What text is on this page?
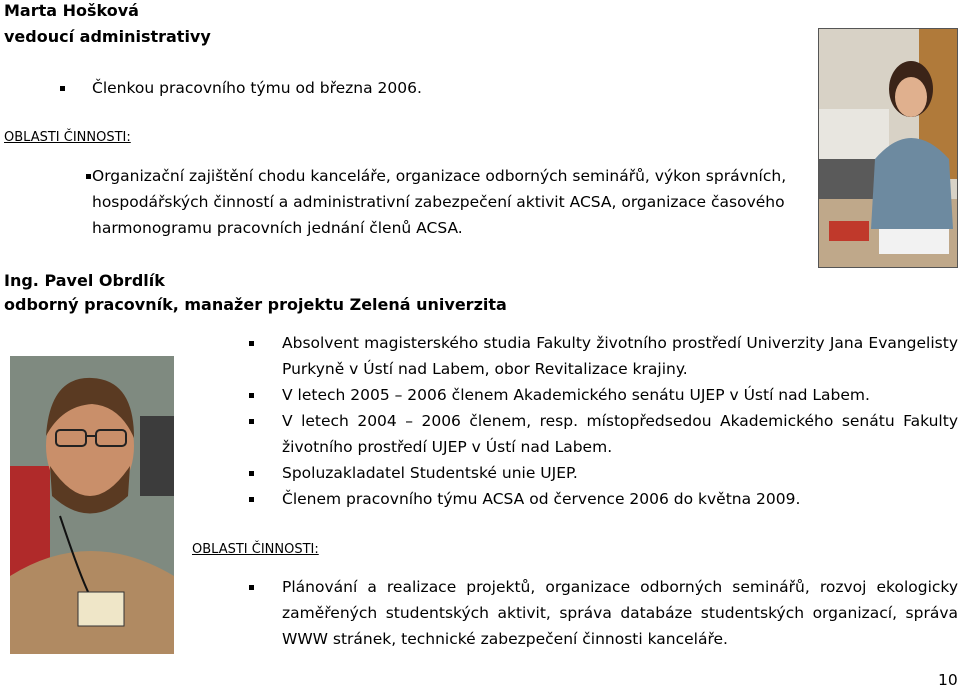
Marta Hošková
vedoucí administrativy
Členkou pracovního týmu od března 2006.
OBLASTI ČINNOSTI:
Organizační zajištění chodu kanceláře, organizace odborných seminářů, výkon správních, hospodářských činností a administrativní zabezpečení aktivit ACSA, organizace časového harmonogramu pracovních jednání členů ACSA.
Ing. Pavel Obrdlík
odborný pracovník, manažer projektu Zelená univerzita
Absolvent magisterského studia Fakulty životního prostředí Univerzity Jana Evangelisty Purkyně v Ústí nad Labem, obor Revitalizace krajiny.
V letech 2005 – 2006 členem Akademického senátu UJEP v Ústí nad Labem.
V letech 2004 – 2006 členem, resp. místopředsedou Akademického senátu Fakulty životního prostředí UJEP v Ústí nad Labem.
Spoluzakladatel Studentské unie UJEP.
Členem pracovního týmu ACSA od července 2006 do května 2009.
OBLASTI ČINNOSTI:
Plánování a realizace projektů, organizace odborných seminářů, rozvoj ekologicky zaměřených studentských aktivit, správa databáze studentských organizací, správa WWW stránek, technické zabezpečení činnosti kanceláře.
10
